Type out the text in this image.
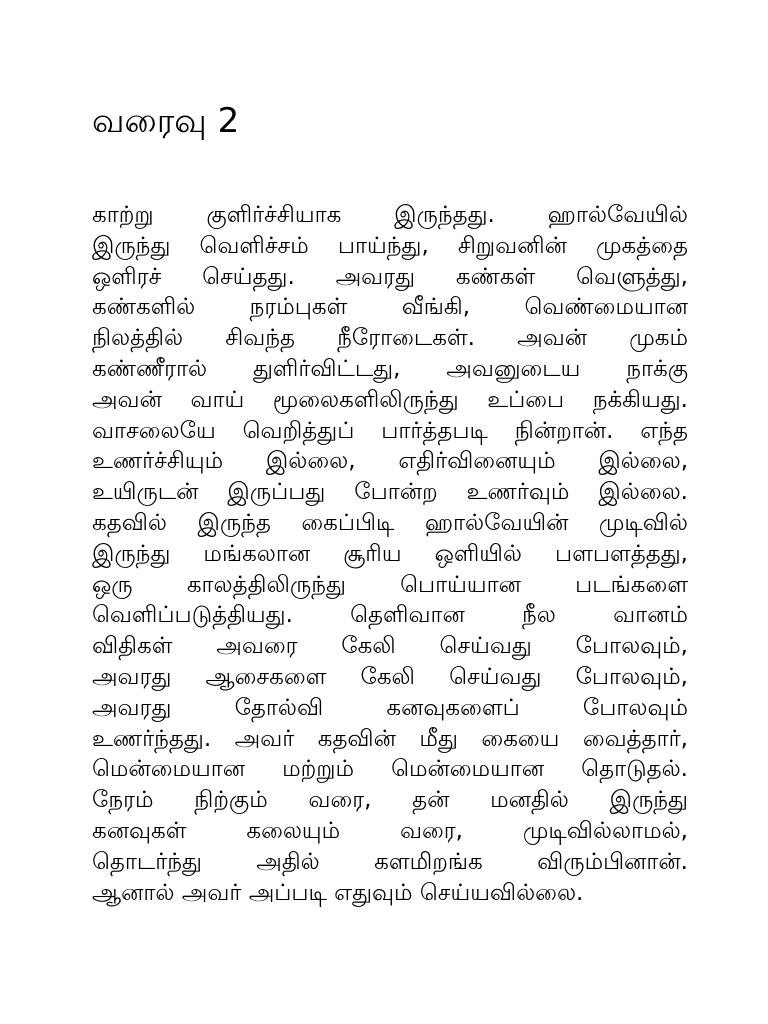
வரைவு 2
காற்று குளிர்ச்சியாக இருந்தது. ஹால்வேயில்
இருந்து வெளிச்சம் பாய்ந்து, சிறுவனின் முகத்தை
ஒளிரச் செய்தது. அவரது கண்கள் வெளுத்து,
கண்களில் நரம்புகள் வீங்கி, வெண்மையான
நிலத்தில் சிவந்த நீரோடைகள். அவன் முகம்
கண்ணீரால் துளிர்விட்டது, அவனுடைய நாக்கு
அவன் வாய் மூலைகளிலிருந்து உப்பை நக்கியது.
வாசலையே வெறித்துப் பார்த்தபடி நின்றான். எந்த
உணர்ச்சியும் இல்லை, எதிர்வினையும் இல்லை,
உயிருடன் இருப்பது போன்ற உணர்வும் இல்லை.
கதவில் இருந்த கைப்பிடி ஹால்வேயின் முடிவில்
இருந்து மங்கலான சூரிய ஒளியில் பளபளத்தது,
ஒரு காலத்திலிருந்து பொய்யான படங்களை
வெளிப்படுத்தியது. தெளிவான நீல வானம்
விதிகள் அவரை கேலி செய்வது போலவும்,
அவரது ஆசைகளை கேலி செய்வது போலவும்,
அவரது தோல்வி கனவுகளைப் போலவும்
உணர்ந்தது. அவர் கதவின் மீது கையை வைத்தார்,
மென்மையான மற்றும் மென்மையான தொடுதல்.
நேரம் நிற்கும் வரை, தன் மனதில் இருந்து
கனவுகள் கலையும் வரை, முடிவில்லாமல்,
தொடர்ந்து அதில் களமிறங்க விரும்பினான்.
ஆனால் அவர் அப்படி எதுவும் செய்யவில்லை.
